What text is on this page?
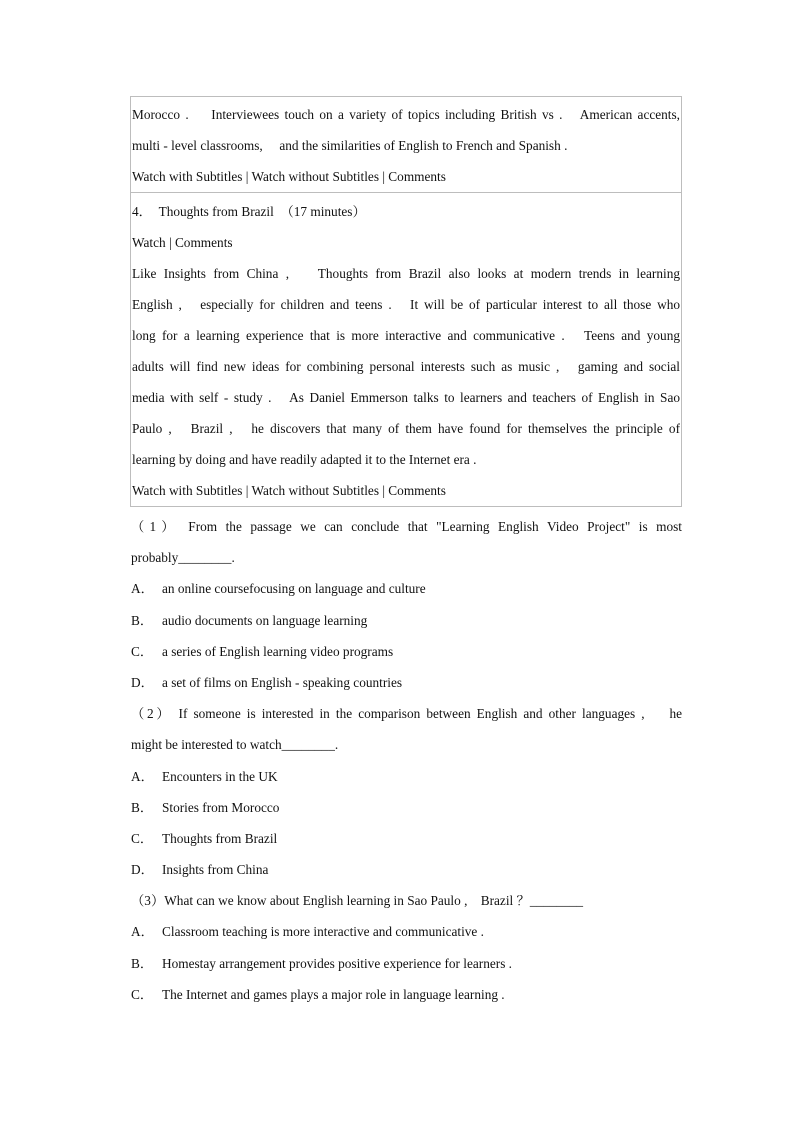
Morocco .　 Interviewees touch on a variety of topics including British vs .　American accents,
multi - level classrooms,　 and the similarities of English to French and Spanish .
Watch with Subtitles | Watch without Subtitles | Comments
4．　Thoughts from Brazil　（17 minutes）
Watch | Comments
Like Insights from China ,　 Thoughts from Brazil also looks at modern trends in learning
English ,　especially for children and teens .　It will be of particular interest to all those who
long for a learning experience that is more interactive and communicative .　Teens and young
adults will find new ideas for combining personal interests such as music ,　gaming and social
media with self - study .　As Daniel Emmerson talks to learners and teachers of English in Sao
Paulo ,　Brazil ,　he discovers that many of them have found for themselves the principle of
learning by doing and have readily adapted it to the Internet era .
Watch with Subtitles | Watch without Subtitles | Comments
（1） From the passage we can conclude that "Learning English Video Project" is most
probably________.
A． an online coursefocusing on language and culture
B． audio documents on language learning
C． a series of English learning video programs
D． a set of films on English - speaking countries
（2） If someone is interested in the comparison between English and other languages ,　 he
might be interested to watch________.
A． Encounters in the UK
B． Stories from Morocco
C． Thoughts from Brazil
D． Insights from China
（3）What can we know about English learning in Sao Paulo ,　Brazil ？________
A． Classroom teaching is more interactive and communicative .
B． Homestay arrangement provides positive experience for learners .
C． The Internet and games plays a major role in language learning .
